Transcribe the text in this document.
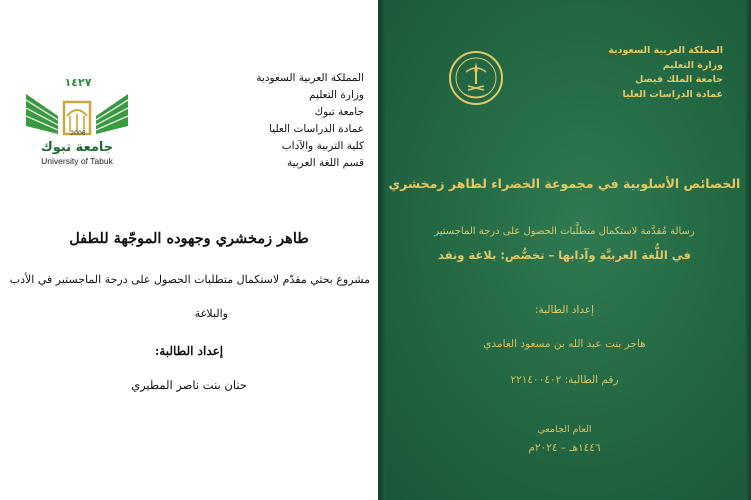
المملكة العربية السعودية
وزارة التعليم
جامعة تبوك
عمادة الدراسات العليا
كلية التربية والآداب
قسم اللغة العربية
١٤٢٧
2006
جامعة تبوك
University of Tabuk
طاهر زمخشري وجهوده الموجّهة للطفل
مشروع بحثي مقدّم لاستكمال متطلبات الحصول على درجة الماجستير في الأدب
والبلاغة
إعداد الطالبة:
حنان بنت ناصر المطيري
المملكة العربية السعودية
وزارة التعليم
جامعة الملك فيصل
عمادة الدراسات العليا
الخصائص الأسلوبية في مجموعة الخضراء لطاهر زمخشري
رسالة مُقدَّمة لاستكمال متطلَّبات الحصول على درجة الماجستير
في اللُّغة العربيَّة وآدابها – تخصُّص: بلاغة ونقد
إعداد الطالبة:
هاجر بنت عبد الله بن مسعود الغامدي
رقم الطالبة: ٢٢١٤٠٠٤٠٢
العام الجامعي
١٤٤٦هـ – ٢٠٢٤م
